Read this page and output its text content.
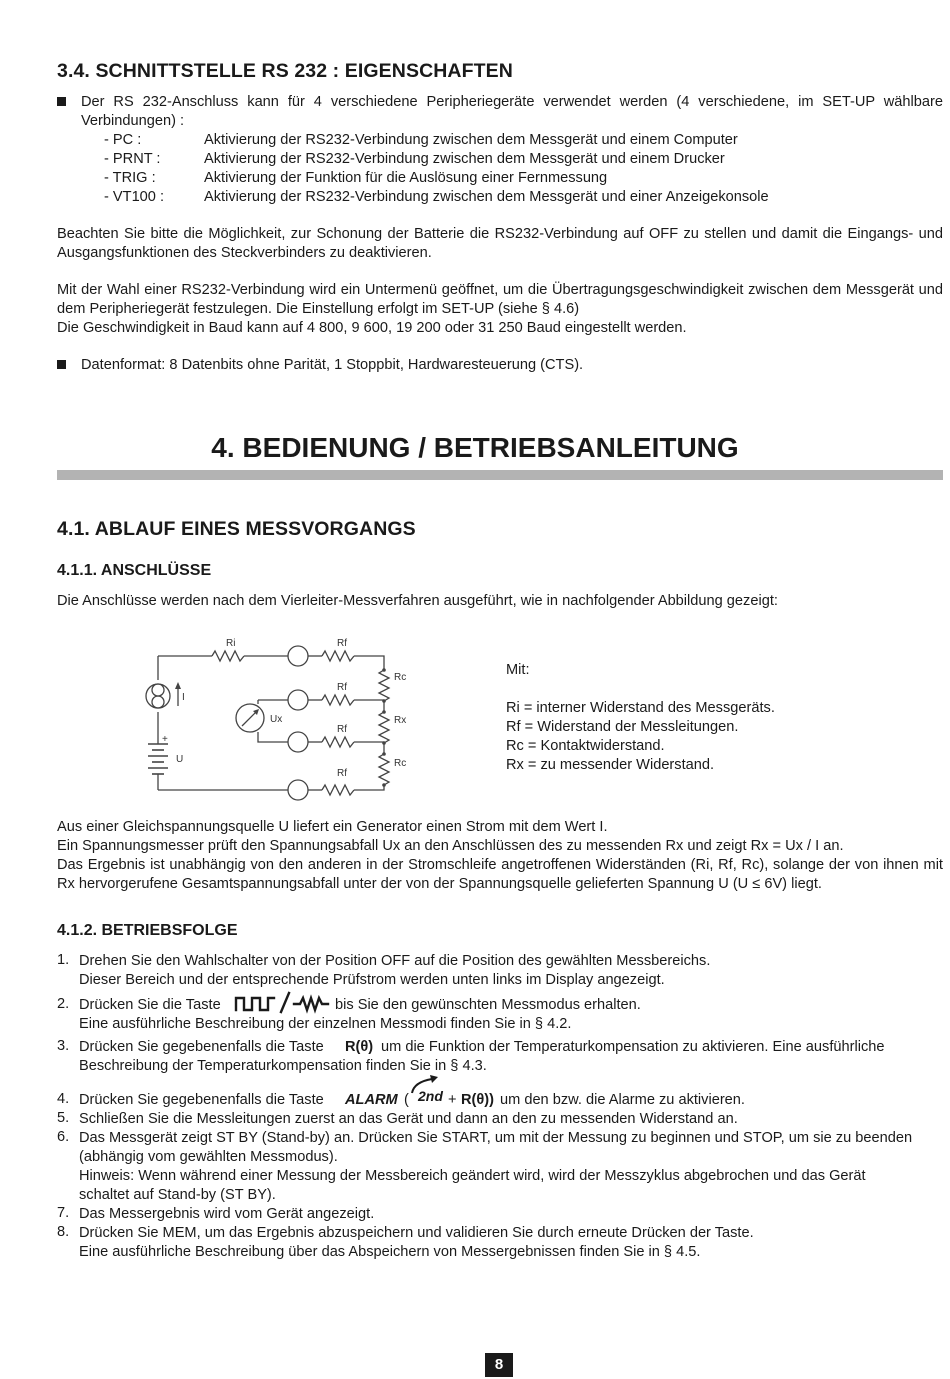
3.4. SCHNITTSTELLE RS 232 : EIGENSCHAFTEN
Der RS 232-Anschluss kann für 4 verschiedene Peripheriegeräte verwendet werden (4 verschiedene, im SET-UP wählbare
Verbindungen) :
- PC :	Aktivierung der RS232-Verbindung zwischen dem Messgerät und einem Computer
- PRNT :	Aktivierung der RS232-Verbindung zwischen dem Messgerät und einem Drucker
- TRIG :	Aktivierung der Funktion für die Auslösung einer Fernmessung
- VT100 :	Aktivierung der RS232-Verbindung zwischen dem Messgerät und einer Anzeigekonsole
Beachten Sie bitte die Möglichkeit, zur Schonung der Batterie die RS232-Verbindung auf OFF zu stellen und damit die Eingangs- und Ausgangsfunktionen des Steckverbinders zu deaktivieren.
Mit der Wahl einer RS232-Verbindung wird ein Untermenü geöffnet, um die Übertragungsgeschwindigkeit zwischen dem Messgerät und dem Peripheriegerät festzulegen. Die Einstellung erfolgt im SET-UP (siehe § 4.6)
Die Geschwindigkeit in Baud kann auf 4 800, 9 600, 19 200 oder 31 250 Baud eingestellt werden.
Datenformat: 8 Datenbits ohne Parität, 1 Stoppbit, Hardwaresteuerung (CTS).
4. BEDIENUNG / BETRIEBSANLEITUNG
4.1. ABLAUF EINES MESSVORGANGS
4.1.1. ANSCHLÜSSE
Die Anschlüsse werden nach dem Vierleiter-Messverfahren ausgeführt, wie in nachfolgender Abbildung gezeigt:
Ri	Rf
Rf
Rf
Rf
Rc
Rx
Rc
I
U
Ux
+
Mit:
Ri = interner Widerstand des Messgeräts.
Rf = Widerstand der Messleitungen.
Rc = Kontaktwiderstand.
Rx = zu messender Widerstand.
Aus einer Gleichspannungsquelle U liefert ein Generator einen Strom mit dem Wert I.
Ein Spannungsmesser prüft den Spannungsabfall Ux an den Anschlüssen des zu messenden Rx und zeigt Rx = Ux / I an.
Das Ergebnis ist unabhängig von den anderen in der Stromschleife angetroffenen Widerständen (Ri, Rf, Rc), solange der von ihnen mit Rx hervorgerufene Gesamtspannungsabfall unter der von der Spannungsquelle gelieferten Spannung U (U ≤ 6V) liegt.
4.1.2. BETRIEBSFOLGE
1. Drehen Sie den Wahlschalter von der Position OFF auf die Position des gewählten Messbereichs.
Dieser Bereich und der entsprechende Prüfstrom werden unten links im Display angezeigt.
2. Drücken Sie die Taste	bis Sie den gewünschten Messmodus erhalten.
Eine ausführliche Beschreibung der einzelnen Messmodi finden Sie in § 4.2.
3. Drücken Sie gegebenenfalls die Taste R(θ) um die Funktion der Temperaturkompensation zu aktivieren. Eine ausführliche
Beschreibung der Temperaturkompensation finden Sie in § 4.3.
4. Drücken Sie gegebenenfalls die Taste ALARM ( 2nd + R(θ)) um den bzw. die Alarme zu aktivieren.
5. Schließen Sie die Messleitungen zuerst an das Gerät und dann an den zu messenden Widerstand an.
6. Das Messgerät zeigt ST BY (Stand-by) an. Drücken Sie START, um mit der Messung zu beginnen und STOP, um sie zu beenden
(abhängig vom gewählten Messmodus).
Hinweis: Wenn während einer Messung der Messbereich geändert wird, wird der Messzyklus abgebrochen und das Gerät
schaltet auf Stand-by (ST BY).
7. Das Messergebnis wird vom Gerät angezeigt.
8. Drücken Sie MEM, um das Ergebnis abzuspeichern und validieren Sie durch erneute Drücken der Taste.
Eine ausführliche Beschreibung über das Abspeichern von Messergebnissen finden Sie in § 4.5.
8
